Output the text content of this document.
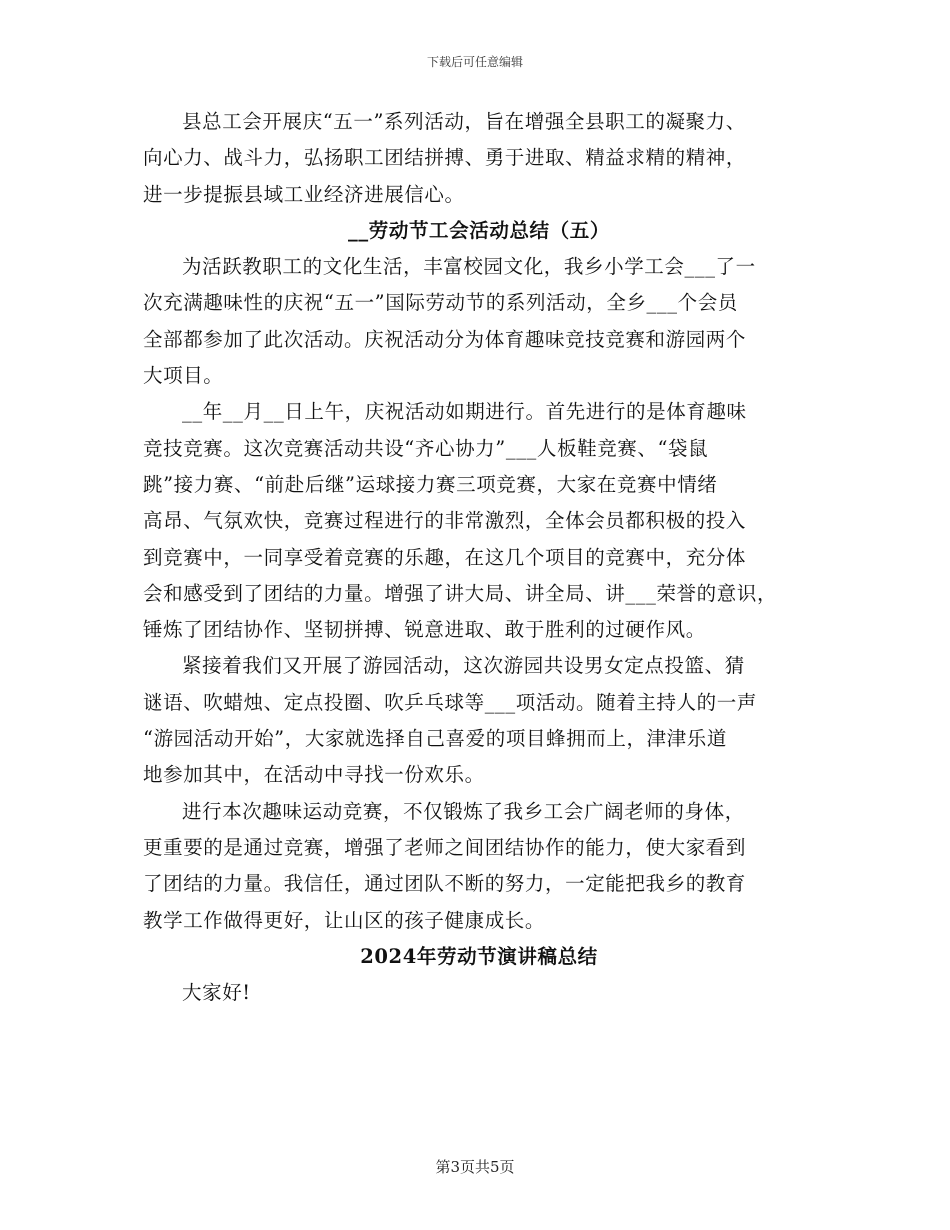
下载后可任意编辑

县总工会开展庆“五一”系列活动，旨在增强全县职工的凝聚力、
向心力、战斗力，弘扬职工团结拼搏、勇于进取、精益求精的精神，
进一步提振县域工业经济进展信心。

__劳动节工会活动总结（五）

为活跃教职工的文化生活，丰富校园文化，我乡小学工会___了一
次充满趣味性的庆祝“五一”国际劳动节的系列活动，全乡___个会员
全部都参加了此次活动。庆祝活动分为体育趣味竞技竞赛和游园两个
大项目。

__年__月__日上午，庆祝活动如期进行。首先进行的是体育趣味
竞技竞赛。这次竞赛活动共设“齐心协力”___人板鞋竞赛、“袋鼠
跳”接力赛、“前赴后继”运球接力赛三项竞赛，大家在竞赛中情绪
高昂、气氛欢快，竞赛过程进行的非常激烈，全体会员都积极的投入
到竞赛中，一同享受着竞赛的乐趣，在这几个项目的竞赛中，充分体
会和感受到了团结的力量。增强了讲大局、讲全局、讲___荣誉的意识，
锤炼了团结协作、坚韧拼搏、锐意进取、敢于胜利的过硬作风。

紧接着我们又开展了游园活动，这次游园共设男女定点投篮、猜
谜语、吹蜡烛、定点投圈、吹乒乓球等___项活动。随着主持人的一声
“游园活动开始”，大家就选择自己喜爱的项目蜂拥而上，津津乐道
地参加其中，在活动中寻找一份欢乐。

进行本次趣味运动竞赛，不仅锻炼了我乡工会广阔老师的身体，
更重要的是通过竞赛，增强了老师之间团结协作的能力，使大家看到
了团结的力量。我信任，通过团队不断的努力，一定能把我乡的教育
教学工作做得更好，让山区的孩子健康成长。

2024年劳动节演讲稿总结

大家好!

第3页共5页
